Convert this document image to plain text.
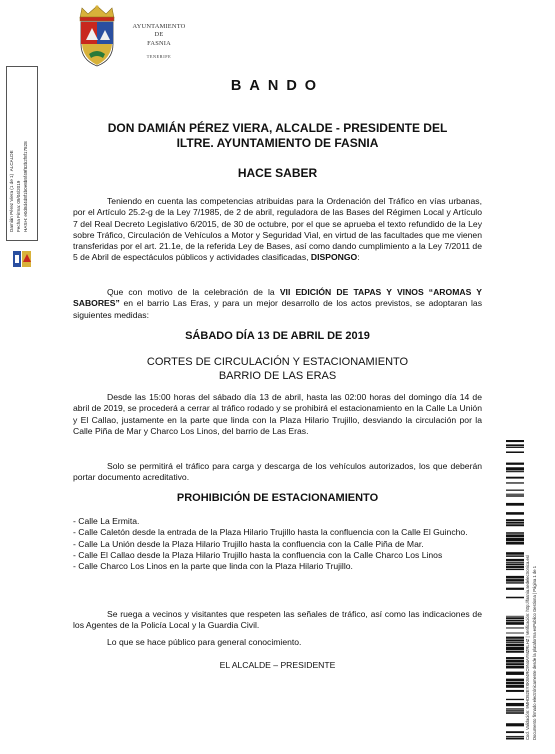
AYUNTAMIENTO
DE
FASNIA
TENERIFE
Damián Pérez Viera (1 de 1)  ALCALDE
Fecha Firma: 09/04/2019 HASH: e0d8d4d8f1b0e8b5f49f82b2f8f17828
Cod. Validación: 9MHD52EYXKW4RC9N4AYMZRLHZ | Verificación: http://fasnia.sedelectronica.es/ Documento firmado electrónicamente desde la plataforma esPublico Gestiona | Página 1 de 1
BANDO
DON DAMIÁN PÉREZ VIERA, ALCALDE - PRESIDENTE DEL
ILTRE. AYUNTAMIENTO DE FASNIA
HACE SABER
Teniendo en cuenta las competencias atribuidas para la Ordenación del Tráfico en vías urbanas, por el Artículo 25.2-g de la Ley 7/1985, de 2 de abril, reguladora de las Bases del Régimen Local y Artículo 7 del Real Decreto Legislativo 6/2015, de 30 de octubre, por el que se aprueba el texto refundido de la Ley sobre Tráfico, Circulación de Vehículos a Motor y Seguridad Vial, en virtud de las facultades que me vienen transferidas por el art. 21.1e, de la referida Ley de Bases, así como dando cumplimiento a la Ley 7/2011 de 5 de Abril de espectáculos públicos y actividades clasificadas, DISPONGO:
Que con motivo de la celebración de la VII EDICIÓN DE TAPAS Y VINOS “AROMAS Y SABORES” en el barrio Las Eras, y para un mejor desarrollo de los actos previstos, se adoptaran las siguientes medidas:
SÁBADO DÍA 13 DE ABRIL DE 2019
CORTES DE CIRCULACIÓN Y ESTACIONAMIENTO
BARRIO DE LAS ERAS
Desde las 15:00 horas del sábado día 13 de abril, hasta las 02:00 horas del domingo día 14 de abril de 2019, se procederá a cerrar al tráfico rodado y se prohibirá el estacionamiento en la Calle La Unión y El Callao, justamente en la parte que linda con la Plaza Hilario Trujillo, desviando la circulación por la Calle Piña de Mar y Charco Los Linos, del barrio de Las Eras.
Solo se permitirá el tráfico para carga y descarga de los vehículos autorizados, los que deberán portar documento acreditativo.
PROHIBICIÓN DE ESTACIONAMIENTO
- Calle La Ermita.
- Calle Caletón desde la entrada de la Plaza Hilario Trujillo hasta la confluencia con la Calle El Guincho.
- Calle La Unión desde la Plaza Hilario Trujillo hasta la confluencia con la Calle Piña de Mar.
- Calle El Callao desde la Plaza Hilario Trujillo hasta la confluencia con la Calle Charco Los Linos
- Calle Charco Los Linos en la parte que linda con la Plaza Hilario Trujillo.
Se ruega a vecinos y visitantes que respeten las señales de tráfico, así como las indicaciones de los Agentes de la Policía Local y la Guardia Civil.
Lo que se hace público para general conocimiento.
EL ALCALDE – PRESIDENTE
